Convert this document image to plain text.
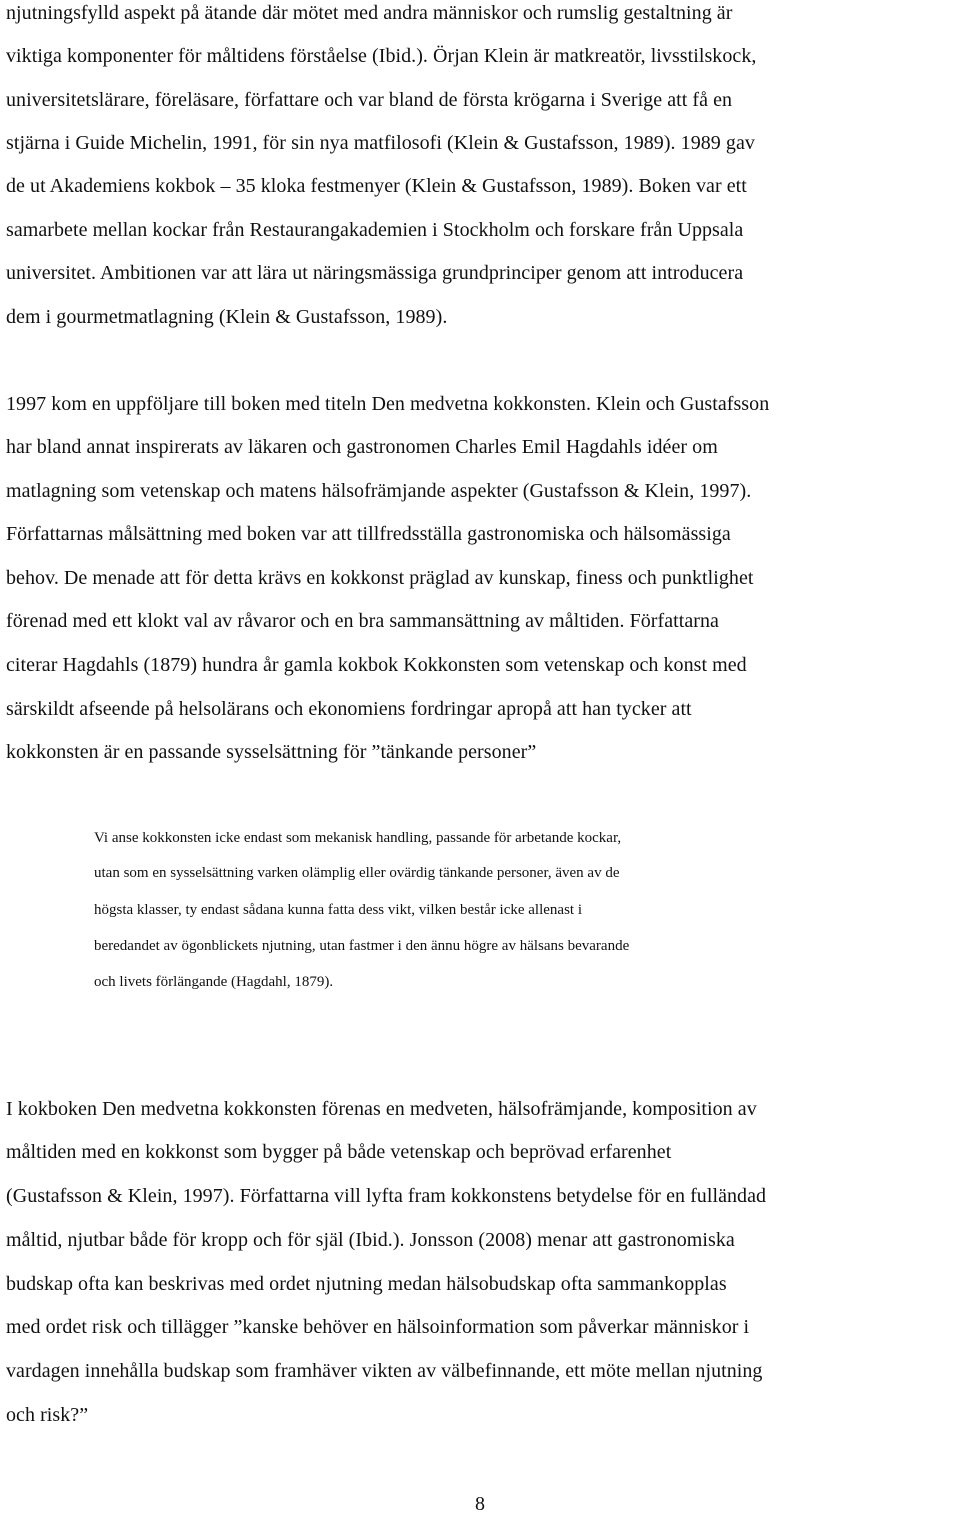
njutningsfylld aspekt på ätande där mötet med andra människor och rumslig gestaltning är
viktiga komponenter för måltidens förståelse (Ibid.). Örjan Klein är matkreatör, livsstilskock,
universitetslärare, föreläsare, författare och var bland de första krögarna i Sverige att få en
stjärna i Guide Michelin, 1991, för sin nya matfilosofi (Klein & Gustafsson, 1989). 1989 gav
de ut Akademiens kokbok – 35 kloka festmenyer (Klein & Gustafsson, 1989). Boken var ett
samarbete mellan kockar från Restaurangakademien i Stockholm och forskare från Uppsala
universitet. Ambitionen var att lära ut näringsmässiga grundprinciper genom att introducera
dem i gourmetmatlagning (Klein & Gustafsson, 1989).
1997 kom en uppföljare till boken med titeln Den medvetna kokkonsten. Klein och Gustafsson
har bland annat inspirerats av läkaren och gastronomen Charles Emil Hagdahls idéer om
matlagning som vetenskap och matens hälsofrämjande aspekter (Gustafsson & Klein, 1997).
Författarnas målsättning med boken var att tillfredsställa gastronomiska och hälsomässiga
behov. De menade att för detta krävs en kokkonst präglad av kunskap, finess och punktlighet
förenad med ett klokt val av råvaror och en bra sammansättning av måltiden. Författarna
citerar Hagdahls (1879) hundra år gamla kokbok Kokkonsten som vetenskap och konst med
särskildt afseende på helsolärans och ekonomiens fordringar apropå att han tycker att
kokkonsten är en passande sysselsättning för ”tänkande personer”
Vi anse kokkonsten icke endast som mekanisk handling, passande för arbetande kockar,
utan som en sysselsättning varken olämplig eller ovärdig tänkande personer, även av de
högsta klasser, ty endast sådana kunna fatta dess vikt, vilken består icke allenast i
beredandet av ögonblickets njutning, utan fastmer i den ännu högre av hälsans bevarande
och livets förlängande (Hagdahl, 1879).
I kokboken Den medvetna kokkonsten förenas en medveten, hälsofrämjande, komposition av
måltiden med en kokkonst som bygger på både vetenskap och beprövad erfarenhet
(Gustafsson & Klein, 1997). Författarna vill lyfta fram kokkonstens betydelse för en fulländad
måltid, njutbar både för kropp och för själ (Ibid.). Jonsson (2008) menar att gastronomiska
budskap ofta kan beskrivas med ordet njutning medan hälsobudskap ofta sammankopplas
med ordet risk och tillägger ”kanske behöver en hälsoinformation som påverkar människor i
vardagen innehålla budskap som framhäver vikten av välbefinnande, ett möte mellan njutning
och risk?”
8
